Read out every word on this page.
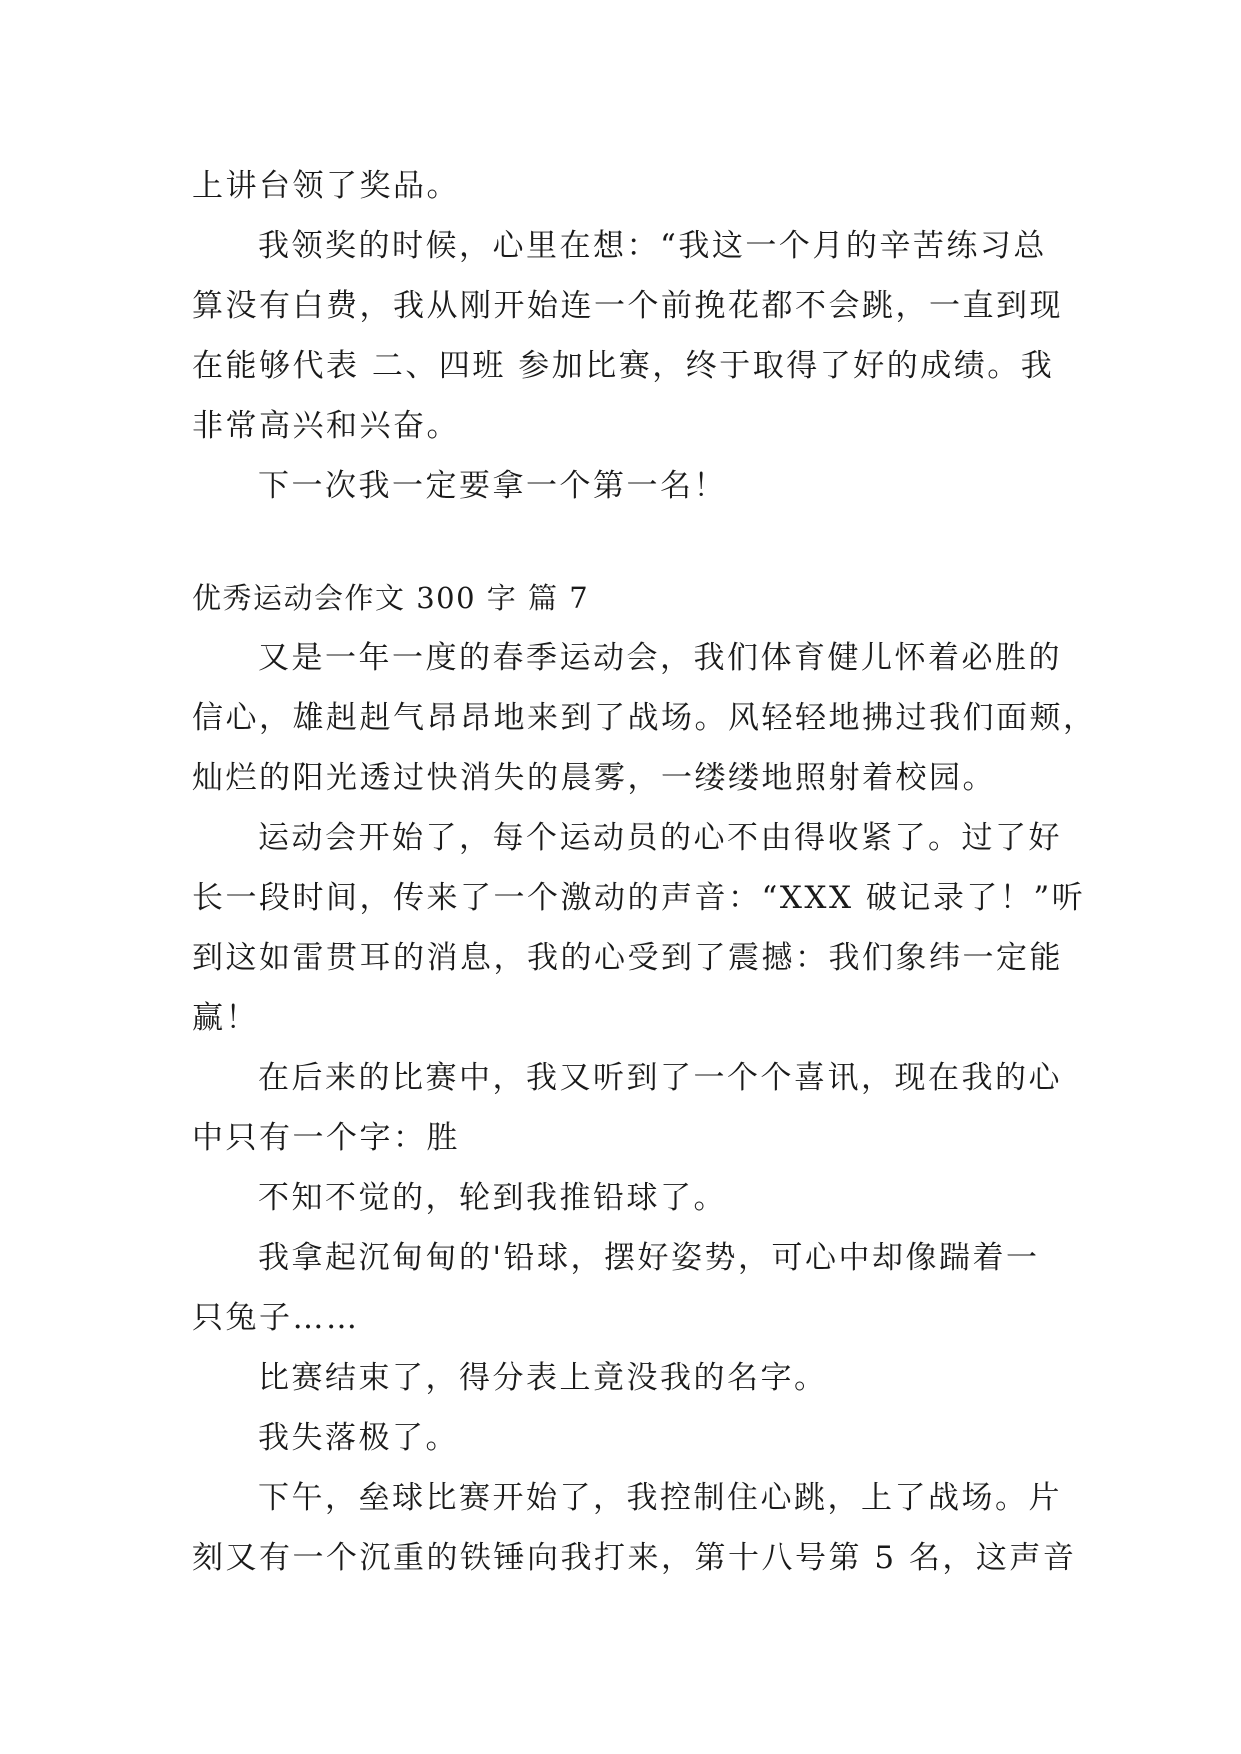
上讲台领了奖品。
我领奖的时候，心里在想：“我这一个月的辛苦练习总
算没有白费，我从刚开始连一个前挽花都不会跳，一直到现
在能够代表 二、四班 参加比赛，终于取得了好的成绩。我
非常高兴和兴奋。
下一次我一定要拿一个第一名！
优秀运动会作文 300 字 篇 7
又是一年一度的春季运动会，我们体育健儿怀着必胜的
信心，雄赳赳气昂昂地来到了战场。风轻轻地拂过我们面颊，
灿烂的阳光透过快消失的晨雾，一缕缕地照射着校园。
运动会开始了，每个运动员的心不由得收紧了。过了好
长一段时间，传来了一个激动的声音：“XXX 破记录了！”听
到这如雷贯耳的消息，我的心受到了震撼：我们象纬一定能
赢！
在后来的比赛中，我又听到了一个个喜讯，现在我的心
中只有一个字：胜
不知不觉的，轮到我推铅球了。
我拿起沉甸甸的'铅球，摆好姿势，可心中却像踹着一
只兔子……
比赛结束了，得分表上竟没我的名字。
我失落极了。
下午，垒球比赛开始了，我控制住心跳，上了战场。片
刻又有一个沉重的铁锤向我打来，第十八号第 5 名，这声音
